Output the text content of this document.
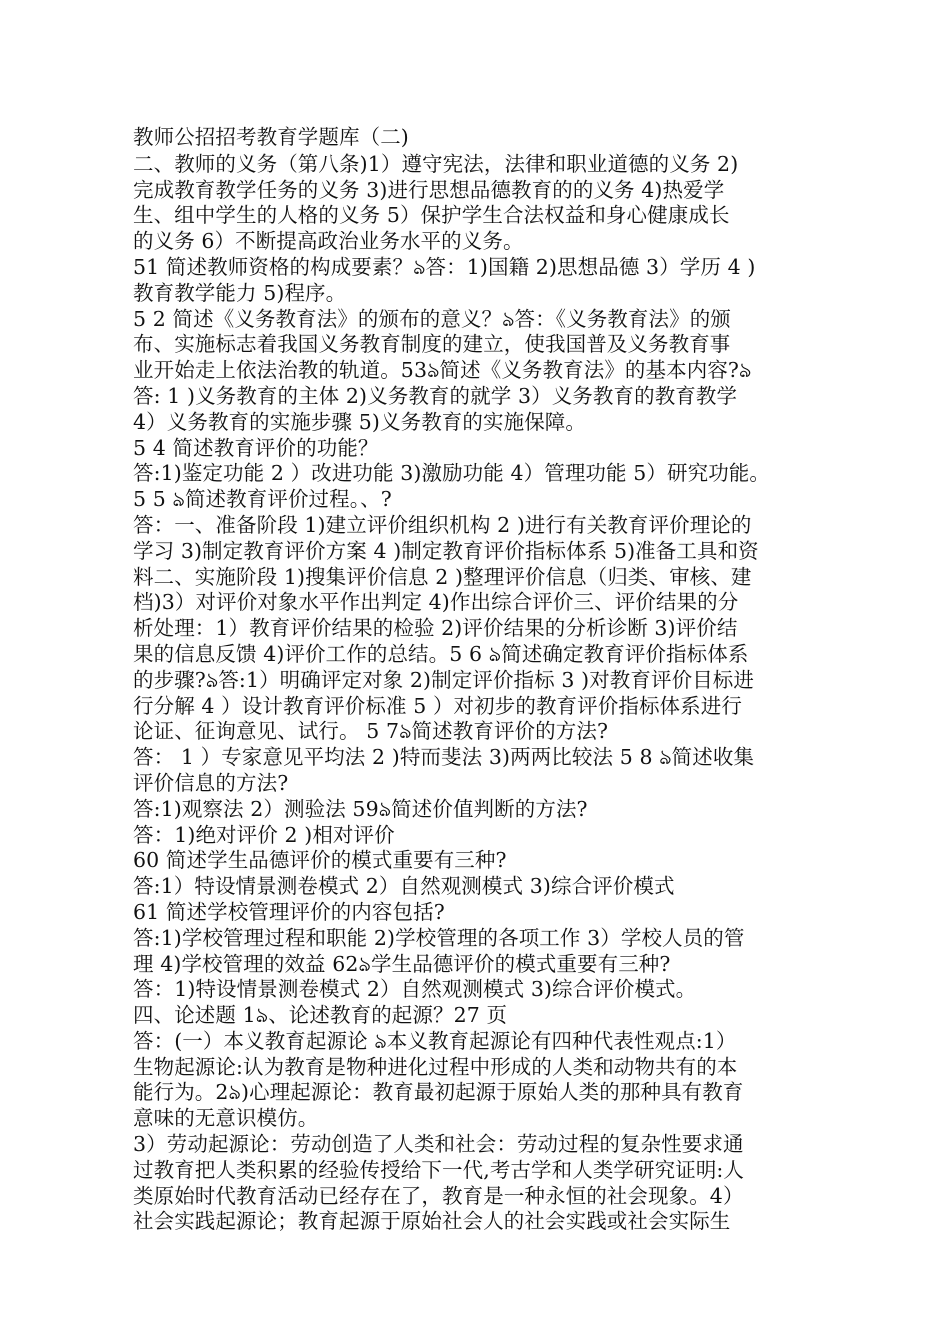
教师公招招考教育学题库（二)
二、教师的义务（第八条)1）遵守宪法，法律和职业道德的义务 2)
完成教育教学任务的义务 3)进行思想品德教育的的义务 4)热爱学
生、组中学生的人格的义务 5）保护学生合法权益和身心健康成长
的义务 6）不断提高政治业务水平的义务。
51 简述教师资格的构成要素？ঌ答：1)国籍 2)思想品德 3）学历 4 )
教育教学能力 5)程序。
5 2 简述《义务教育法》的颁布的意义？ঌ答：《义务教育法》的颁
布、实施标志着我国义务教育制度的建立，使我国普及义务教育事
业开始走上依法治教的轨道。53ঌ简述《义务教育法》的基本内容?ঌ
答: 1 )义务教育的主体 2)义务教育的就学 3）义务教育的教育教学
4）义务教育的实施步骤 5)义务教育的实施保障。
5 4 简述教育评价的功能？
答:1)鉴定功能 2 ）改进功能 3)激励功能 4）管理功能 5）研究功能。
5 5 ঌ简述教育评价过程。、?
答：一、准备阶段 1)建立评价组织机构 2 )进行有关教育评价理论的
学习 3)制定教育评价方案 4 )制定教育评价指标体系 5)准备工具和资
料二、实施阶段 1)搜集评价信息 2 )整理评价信息（归类、审核、建
档)3）对评价对象水平作出判定 4)作出综合评价三、评价结果的分
析处理：1）教育评价结果的检验 2)评价结果的分析诊断 3)评价结
果的信息反馈 4)评价工作的总结。5 6 ঌ简述确定教育评价指标体系
的步骤?ঌ答:1）明确评定对象 2)制定评价指标 3 )对教育评价目标进
行分解 4 ）设计教育评价标准 5 ）对初步的教育评价指标体系进行
论证、征询意见、试行。 5 7ঌ简述教育评价的方法?
答： 1 ）专家意见平均法 2 )特而斐法 3)两两比较法 5 8 ঌ简述收集
评价信息的方法?
答:1)观察法 2）测验法 59ঌ简述价值判断的方法?
答：1)绝对评价 2 )相对评价
60 简述学生品德评价的模式重要有三种?
答:1）特设情景测卷模式 2）自然观测模式 3)综合评价模式
61 简述学校管理评价的内容包括?
答:1)学校管理过程和职能 2)学校管理的各项工作 3）学校人员的管
理 4)学校管理的效益 62ঌ学生品德评价的模式重要有三种?
答：1)特设情景测卷模式 2）自然观测模式 3)综合评价模式。
四、论述题 1ঌ、论述教育的起源？27 页
答：(一）本义教育起源论 ঌ本义教育起源论有四种代表性观点:1）
生物起源论:认为教育是物种进化过程中形成的人类和动物共有的本
能行为。2ঌ)心理起源论：教育最初起源于原始人类的那种具有教育
意味的无意识模仿。
3）劳动起源论：劳动创造了人类和社会：劳动过程的复杂性要求通
过教育把人类积累的经验传授给下一代,考古学和人类学研究证明:人
类原始时代教育活动已经存在了，教育是一种永恒的社会现象。4）
社会实践起源论；教育起源于原始社会人的社会实践或社会实际生
